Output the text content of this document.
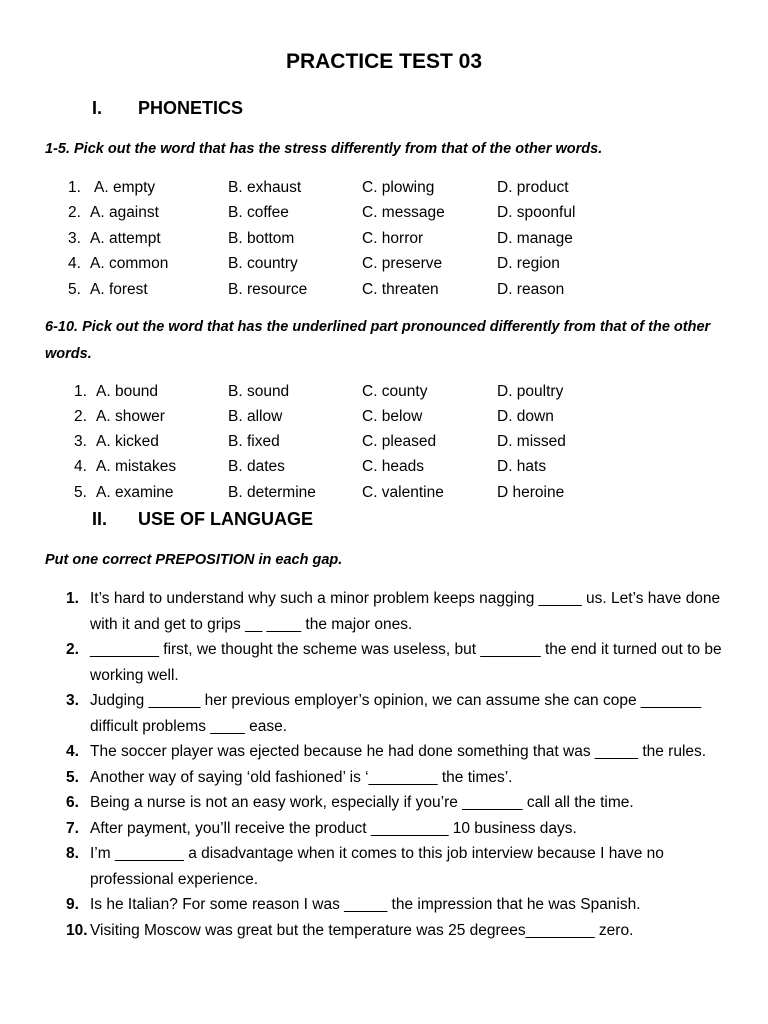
PRACTICE TEST 03
I. PHONETICS
1-5. Pick out the word that has the stress differently from that of the other words.
1. A. empty	B. exhaust	C. plowing	D. product
2. A. against	B. coffee	C. message	D. spoonful
3. A. attempt	B. bottom	C. horror	D. manage
4. A. common	B. country	C. preserve	D. region
5. A. forest	B. resource	C. threaten	D. reason
6-10. Pick out the word that has the underlined part pronounced differently from that of the other words.
1. A. bound	B. sound	C. county	D. poultry
2. A. shower	B. allow	C. below	D. down
3. A. kicked	B. fixed	C. pleased	D. missed
4. A. mistakes	B. dates	C. heads	D. hats
5. A. examine	B. determine	C. valentine	D heroine
II. USE OF LANGUAGE
Put one correct PREPOSITION in each gap.
1. It’s hard to understand why such a minor problem keeps nagging _____ us. Let’s have done with it and get to grips __ ____ the major ones.
2. ________ first, we thought the scheme was useless, but _______ the end it turned out to be working well.
3. Judging ______ her previous employer’s opinion, we can assume she can cope _______ difficult problems ____ ease.
4. The soccer player was ejected because he had done something that was _____ the rules.
5. Another way of saying ‘old fashioned’ is ‘________ the times’.
6. Being a nurse is not an easy work, especially if you’re _______ call all the time.
7. After payment, you’ll receive the product _________ 10 business days.
8. I’m ________ a disadvantage when it comes to this job interview because I have no professional experience.
9. Is he Italian? For some reason I was _____ the impression that he was Spanish.
10. Visiting Moscow was great but the temperature was 25 degrees________ zero.
